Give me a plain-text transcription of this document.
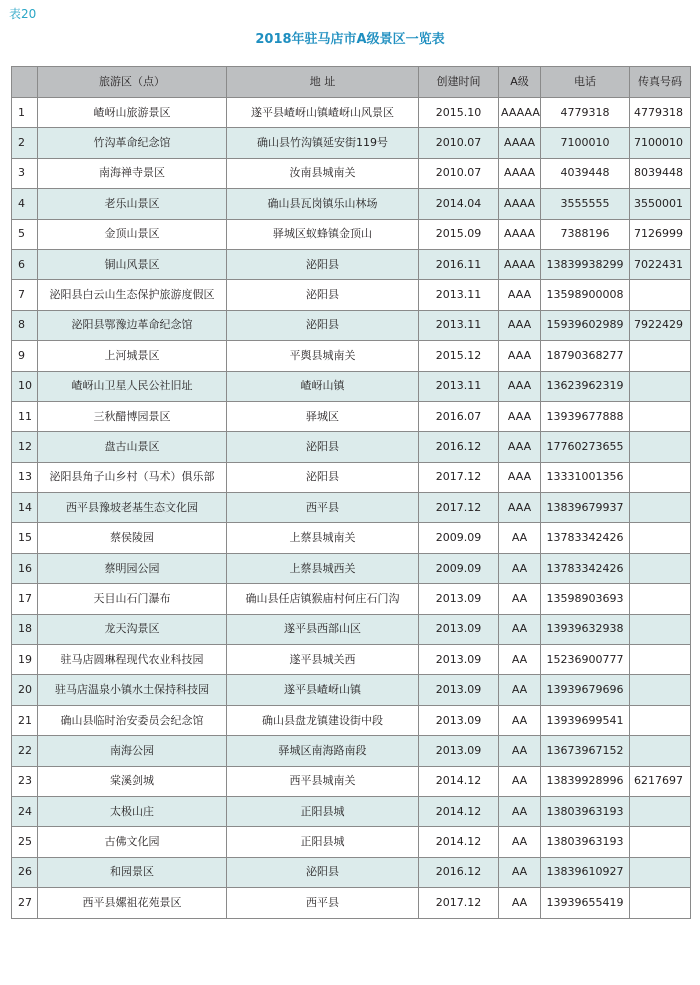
表20
2018年驻马店市A级景区一览表
	旅游区（点）	地 址	创建时间	A级	电话	传真号码
1	嵖岈山旅游景区	遂平县嵖岈山镇嵖岈山风景区	2015.10	AAAAA	4779318	4779318
2	竹沟革命纪念馆	确山县竹沟镇延安街119号	2010.07	AAAA	7100010	7100010
3	南海禅寺景区	汝南县城南关	2010.07	AAAA	4039448	8039448
4	老乐山景区	确山县瓦岗镇乐山林场	2014.04	AAAA	3555555	3550001
5	金顶山景区	驿城区蚁蜂镇金顶山	2015.09	AAAA	7388196	7126999
6	铜山风景区	泌阳县	2016.11	AAAA	13839938299	7022431
7	泌阳县白云山生态保护旅游度假区	泌阳县	2013.11	AAA	13598900008	
8	泌阳县鄂豫边革命纪念馆	泌阳县	2013.11	AAA	15939602989	7922429
9	上河城景区	平舆县城南关	2015.12	AAA	18790368277	
10	嵖岈山卫星人民公社旧址	嵖岈山镇	2013.11	AAA	13623962319	
11	三秋醋博园景区	驿城区	2016.07	AAA	13939677888	
12	盘古山景区	泌阳县	2016.12	AAA	17760273655	
13	泌阳县角子山乡村（马术）俱乐部	泌阳县	2017.12	AAA	13331001356	
14	西平县豫坡老基生态文化园	西平县	2017.12	AAA	13839679937	
15	蔡侯陵园	上蔡县城南关	2009.09	AA	13783342426	
16	蔡明园公园	上蔡县城西关	2009.09	AA	13783342426	
17	天目山石门瀑布	确山县任店镇猴庙村何庄石门沟	2013.09	AA	13598903693	
18	龙天沟景区	遂平县西部山区	2013.09	AA	13939632938	
19	驻马店圆琳程现代农业科技园	遂平县城关西	2013.09	AA	15236900777	
20	驻马店温泉小镇水土保持科技园	遂平县嵖岈山镇	2013.09	AA	13939679696	
21	确山县临时治安委员会纪念馆	确山县盘龙镇建设街中段	2013.09	AA	13939699541	
22	南海公园	驿城区南海路南段	2013.09	AA	13673967152	
23	棠溪剑城	西平县城南关	2014.12	AA	13839928996	6217697
24	太极山庄	正阳县城	2014.12	AA	13803963193	
25	古佛文化园	正阳县城	2014.12	AA	13803963193	
26	和园景区	泌阳县	2016.12	AA	13839610927	
27	西平县嫘祖花苑景区	西平县	2017.12	AA	13939655419	
